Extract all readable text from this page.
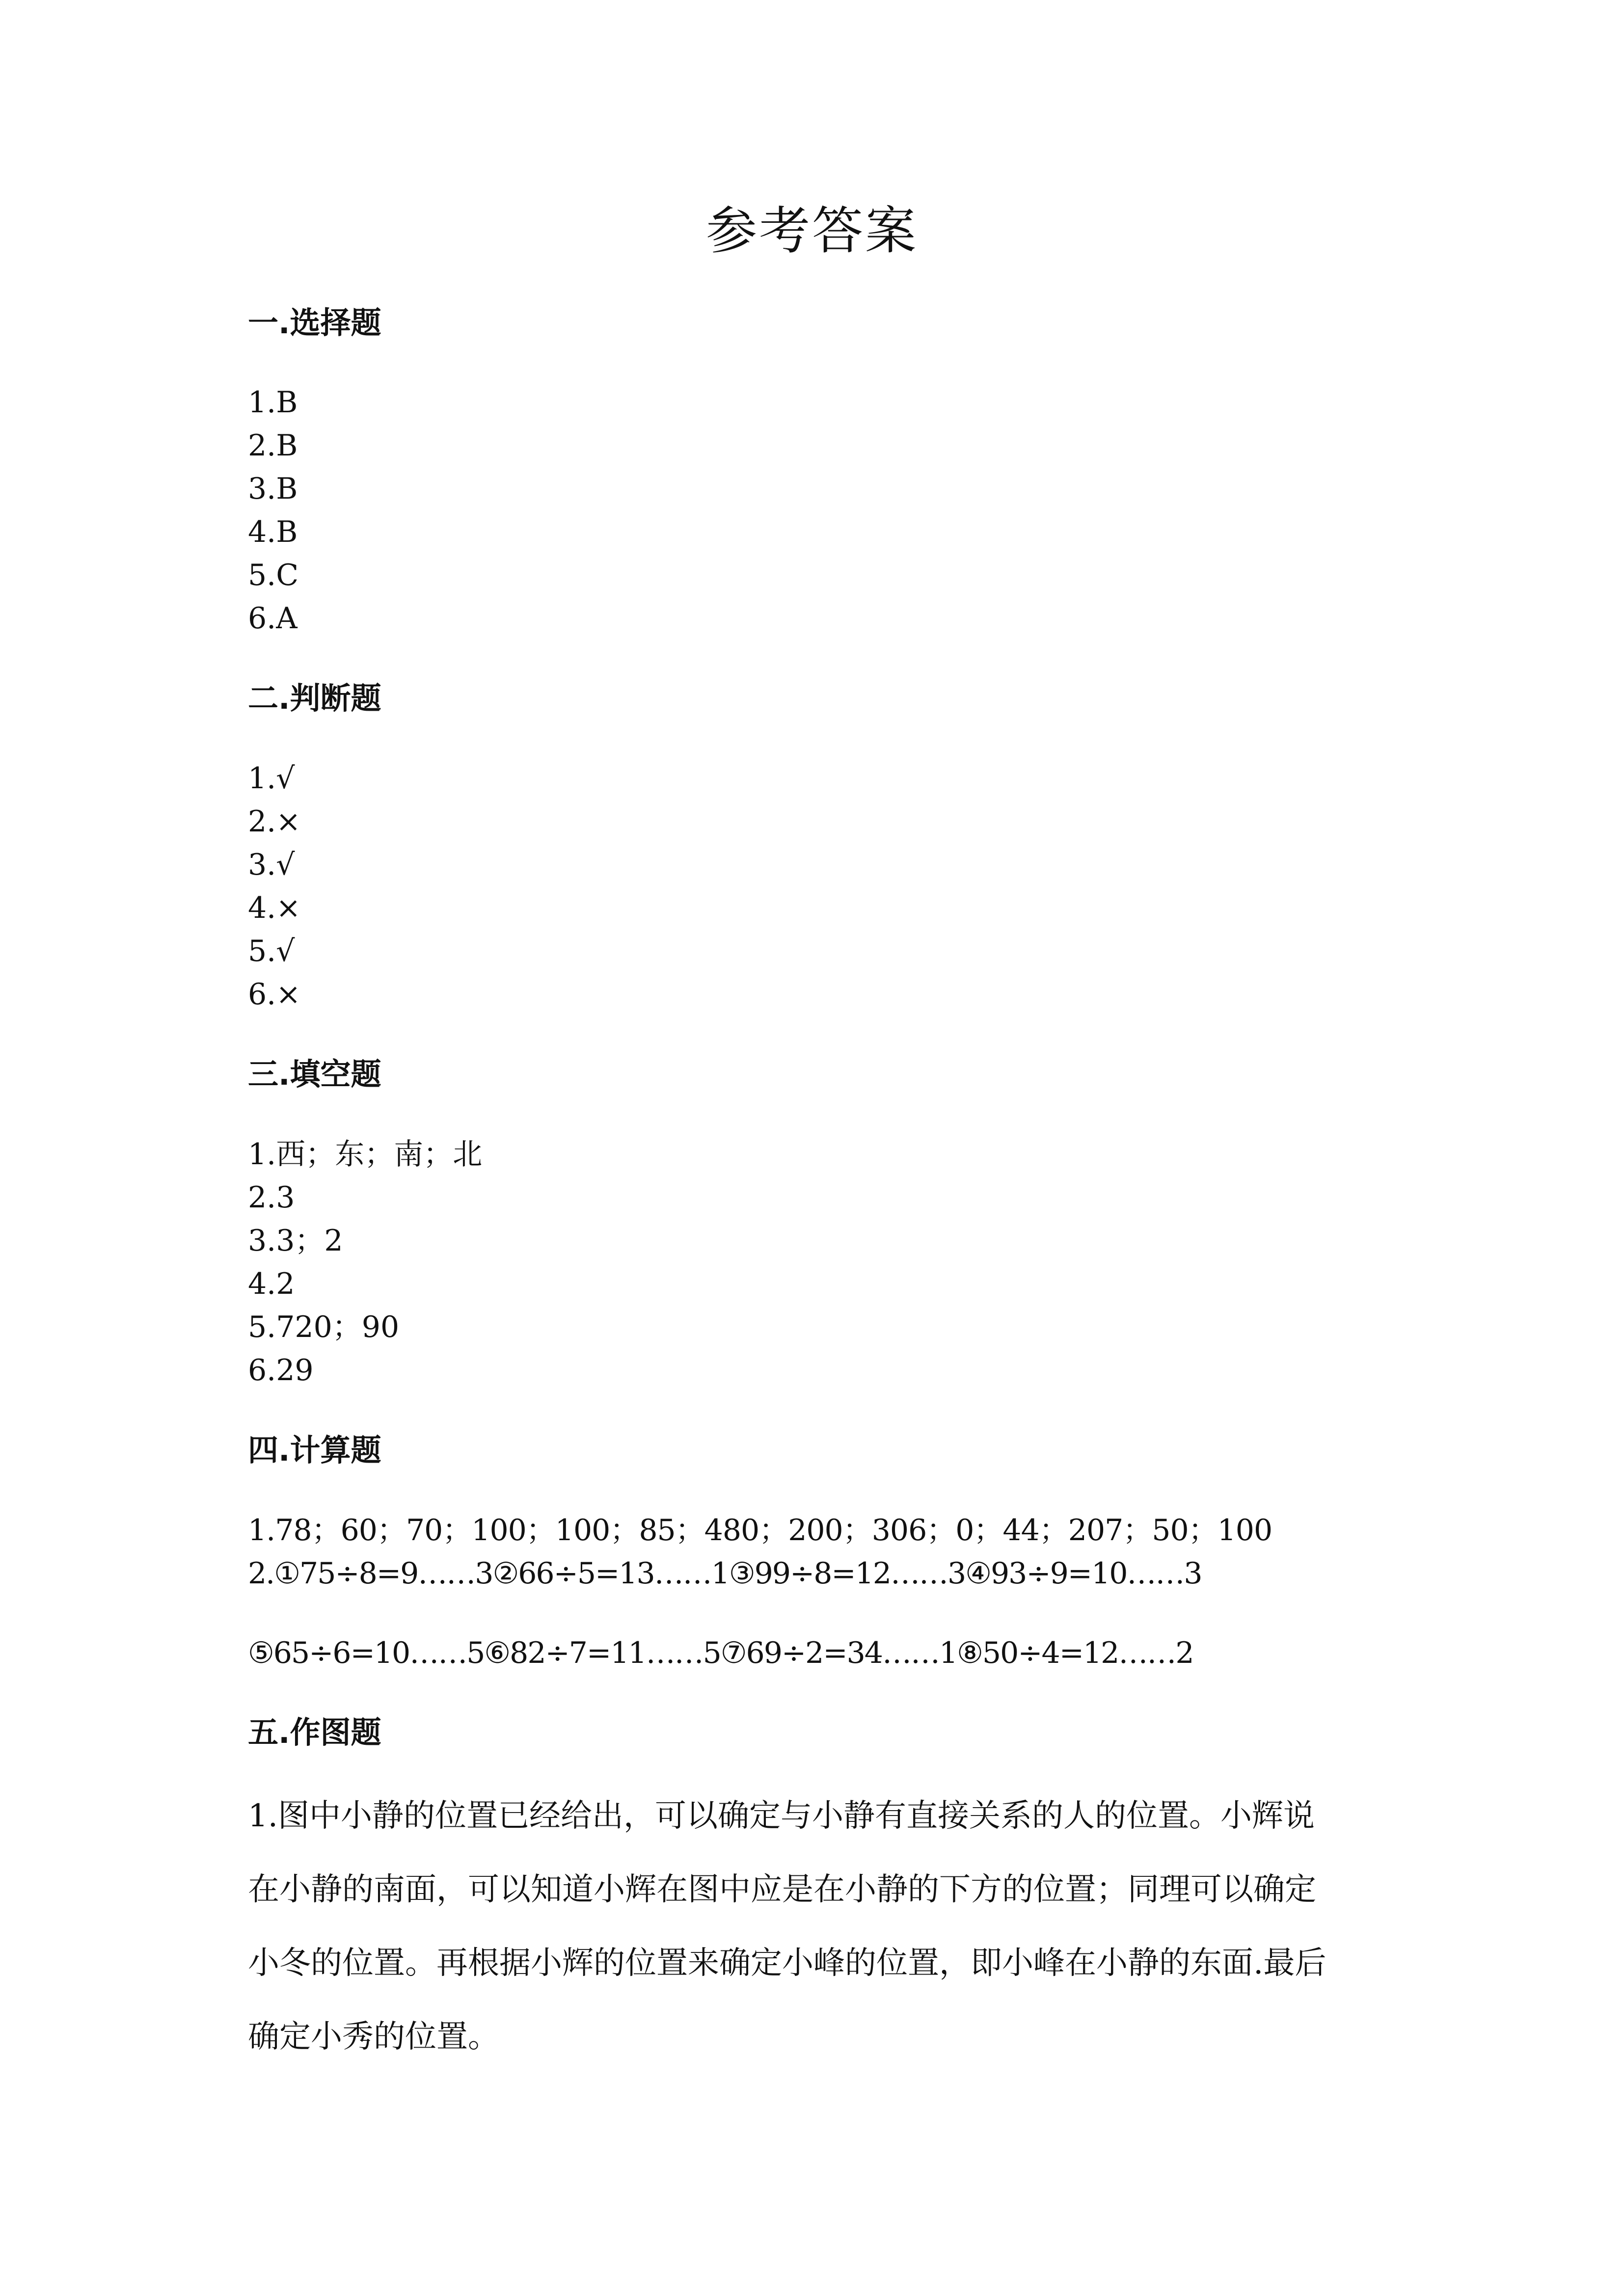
参考答案
一.选择题
1.B
2.B
3.B
4.B
5.C
6.A
二.判断题
1.√
2.×
3.√
4.×
5.√
6.×
三.填空题
1.西；东；南；北
2.3
3.3；2
4.2
5.720；90
6.29
四.计算题
1.78；60；70；100；100；85；480；200；306；0；44；207；50；100
2.①75÷8=9……3②66÷5=13……1③99÷8=12……3④93÷9=10……3
⑤65÷6=10……5⑥82÷7=11……5⑦69÷2=34……1⑧50÷4=12……2
五.作图题
1.图中小静的位置已经给出，可以确定与小静有直接关系的人的位置。小辉说
在小静的南面，可以知道小辉在图中应是在小静的下方的位置；同理可以确定
小冬的位置。再根据小辉的位置来确定小峰的位置，即小峰在小静的东面.最后
确定小秀的位置。
